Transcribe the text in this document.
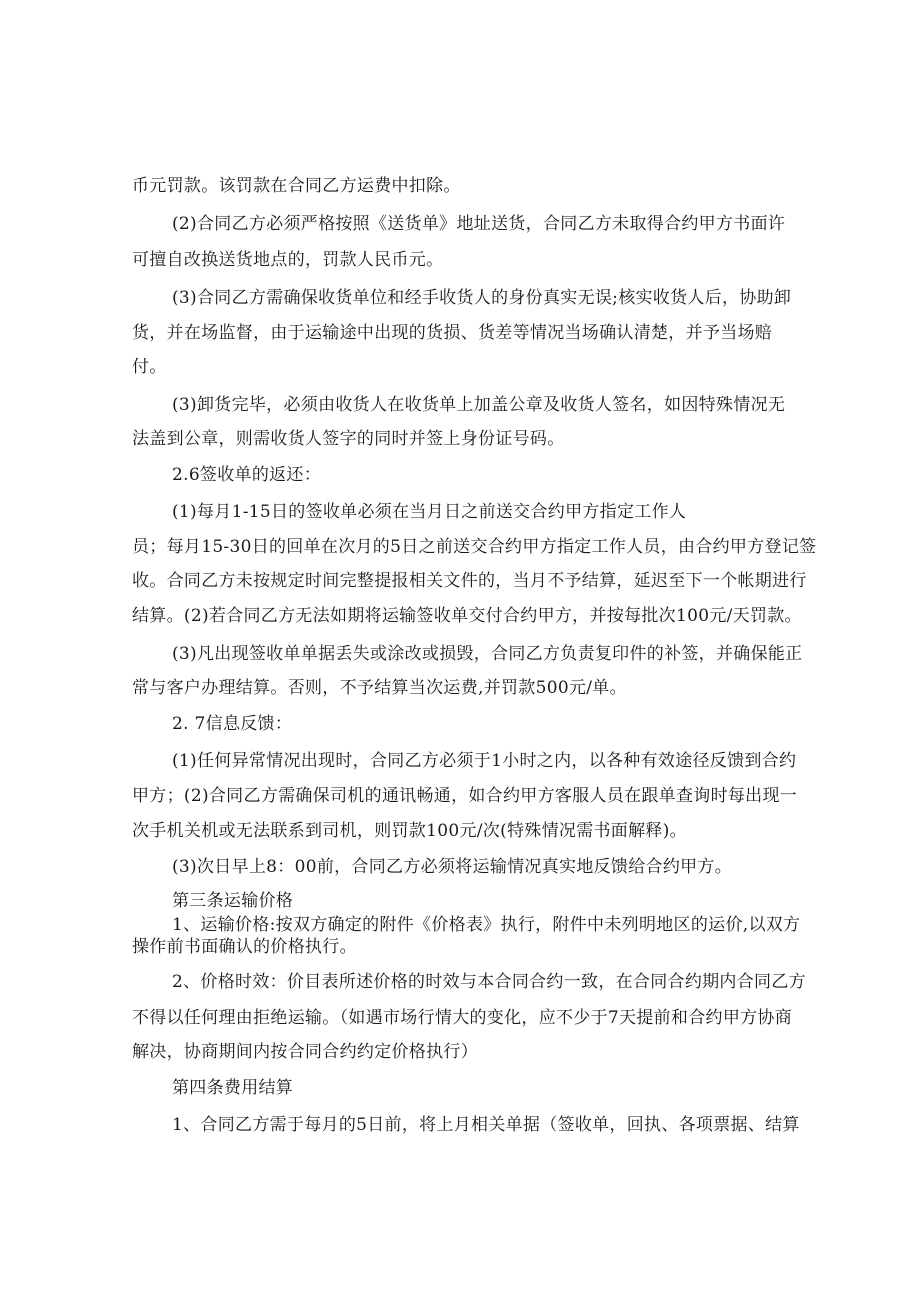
币元罚款。该罚款在合同乙方运费中扣除。
(2)合同乙方必须严格按照《送货单》地址送货，合同乙方未取得合约甲方书面许
可擅自改换送货地点的，罚款人民币元。
(3)合同乙方需确保收货单位和经手收货人的身份真实无误;核实收货人后，协助卸
货，并在场监督，由于运输途中出现的货损、货差等情况当场确认清楚，并予当场赔
付。
(3)卸货完毕，必须由收货人在收货单上加盖公章及收货人签名，如因特殊情况无
法盖到公章，则需收货人签字的同时并签上身份证号码。
2.6签收单的返还：
(1)每月1-15日的签收单必须在当月日之前送交合约甲方指定工作人
员；每月15-30日的回单在次月的5日之前送交合约甲方指定工作人员，由合约甲方登记签
收。合同乙方未按规定时间完整提报相关文件的，当月不予结算，延迟至下一个帐期进行
结算。(2)若合同乙方无法如期将运输签收单交付合约甲方，并按每批次100元/天罚款。
(3)凡出现签收单单据丢失或涂改或损毁，合同乙方负责复印件的补签，并确保能正
常与客户办理结算。否则，不予结算当次运费,并罚款500元/单。
2. 7信息反馈：
(1)任何异常情况出现时，合同乙方必须于1小时之内，以各种有效途径反馈到合约
甲方；(2)合同乙方需确保司机的通讯畅通，如合约甲方客服人员在跟单查询时每出现一
次手机关机或无法联系到司机，则罚款100元/次(特殊情况需书面解释)。
(3)次日早上8：00前，合同乙方必须将运输情况真实地反馈给合约甲方。
第三条运输价格
1、运输价格:按双方确定的附件《价格表》执行，附件中未列明地区的运价,以双方
操作前书面确认的价格执行。
2、价格时效：价目表所述价格的时效与本合同合约一致，在合同合约期内合同乙方
不得以任何理由拒绝运输。（如遇市场行情大的变化，应不少于7天提前和合约甲方协商
解决，协商期间内按合同合约约定价格执行）
第四条费用结算
1、合同乙方需于每月的5日前，将上月相关单据（签收单，回执、各项票据、结算
